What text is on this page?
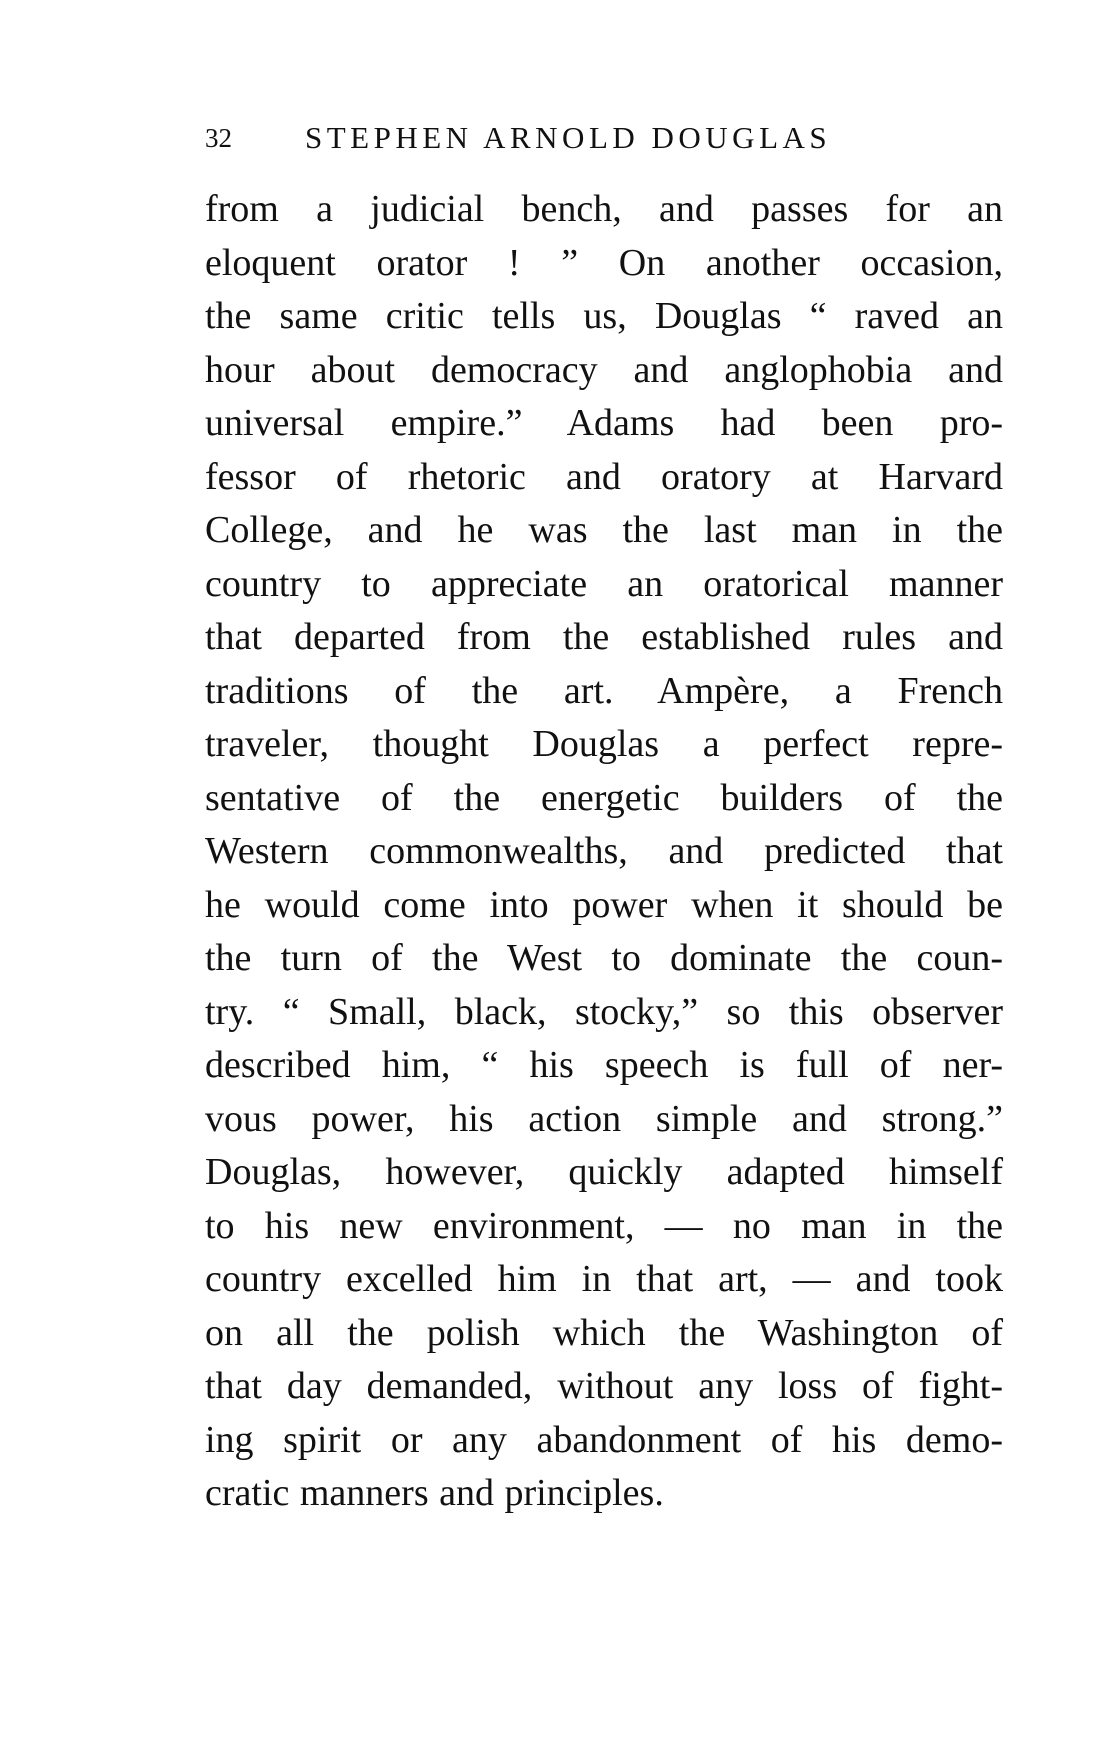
32 STEPHEN ARNOLD DOUGLAS
from a judicial bench, and passes for an
eloquent orator ! ” On another occasion,
the same critic tells us, Douglas “ raved an
hour about democracy and anglophobia and
universal empire.” Adams had been pro-
fessor of rhetoric and oratory at Harvard
College, and he was the last man in the
country to appreciate an oratorical manner
that departed from the established rules and
traditions of the art. Ampère, a French
traveler, thought Douglas a perfect repre-
sentative of the energetic builders of the
Western commonwealths, and predicted that
he would come into power when it should be
the turn of the West to dominate the coun-
try. “ Small, black, stocky,” so this observer
described him, “ his speech is full of ner-
vous power, his action simple and strong.”
Douglas, however, quickly adapted himself
to his new environment, — no man in the
country excelled him in that art, — and took
on all the polish which the Washington of
that day demanded, without any loss of fight-
ing spirit or any abandonment of his demo-
cratic manners and principles.
